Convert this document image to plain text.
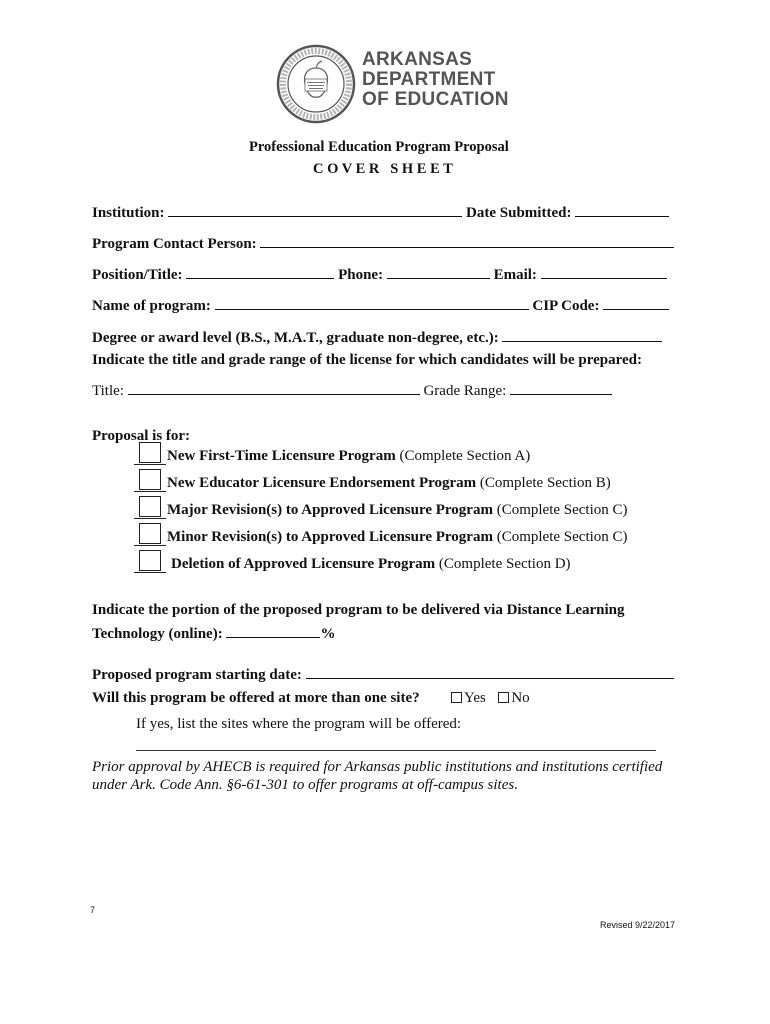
ARKANSAS
DEPARTMENT
OF EDUCATION
Professional Education Program Proposal
C O V E R   S H E E T
Institution:	Date Submitted:
Program Contact Person:
Position/Title:	Phone:	Email:
Name of program:	CIP Code:
Degree or award level (B.S., M.A.T., graduate non-degree, etc.):
Indicate the title and grade range of the license for which candidates will be prepared:
Title:	Grade Range:
Proposal is for:
New First-Time Licensure Program (Complete Section A)
New Educator Licensure Endorsement Program (Complete Section B)
Major Revision(s) to Approved Licensure Program (Complete Section C)
Minor Revision(s) to Approved Licensure Program (Complete Section C)
Deletion of Approved Licensure Program (Complete Section D)
Indicate the portion of the proposed program to be delivered via Distance Learning
Technology (online):	%
Proposed program starting date:
Will this program be offered at more than one site?	Yes No
If yes, list the sites where the program will be offered:
Prior approval by AHECB is required for Arkansas public institutions and institutions certified
under Ark. Code Ann. §6-61-301 to offer programs at off-campus sites.
7
Revised 9/22/2017
